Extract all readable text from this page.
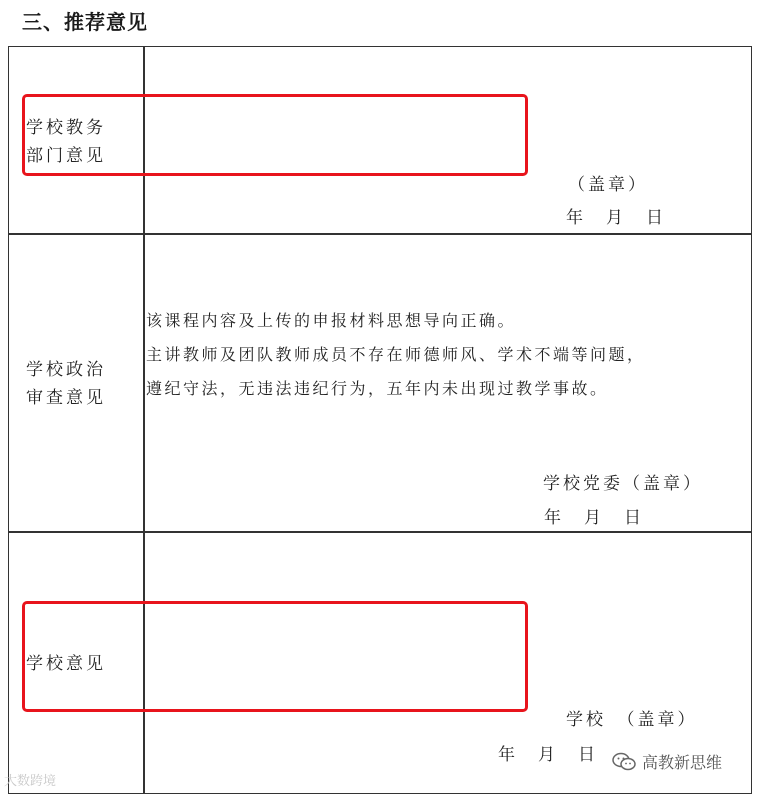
三、推荐意见
学校教务
部门意见
（盖章）
年　月　日
学校政治
审查意见
该课程内容及上传的申报材料思想导向正确。
主讲教师及团队教师成员不存在师德师风、学术不端等问题，
遵纪守法，无违法违纪行为，五年内未出现过教学事故。
学校党委（盖章）
年　月　日
学校意见
学校　（盖章）
年　月　日
大数跨境
高教新思维
